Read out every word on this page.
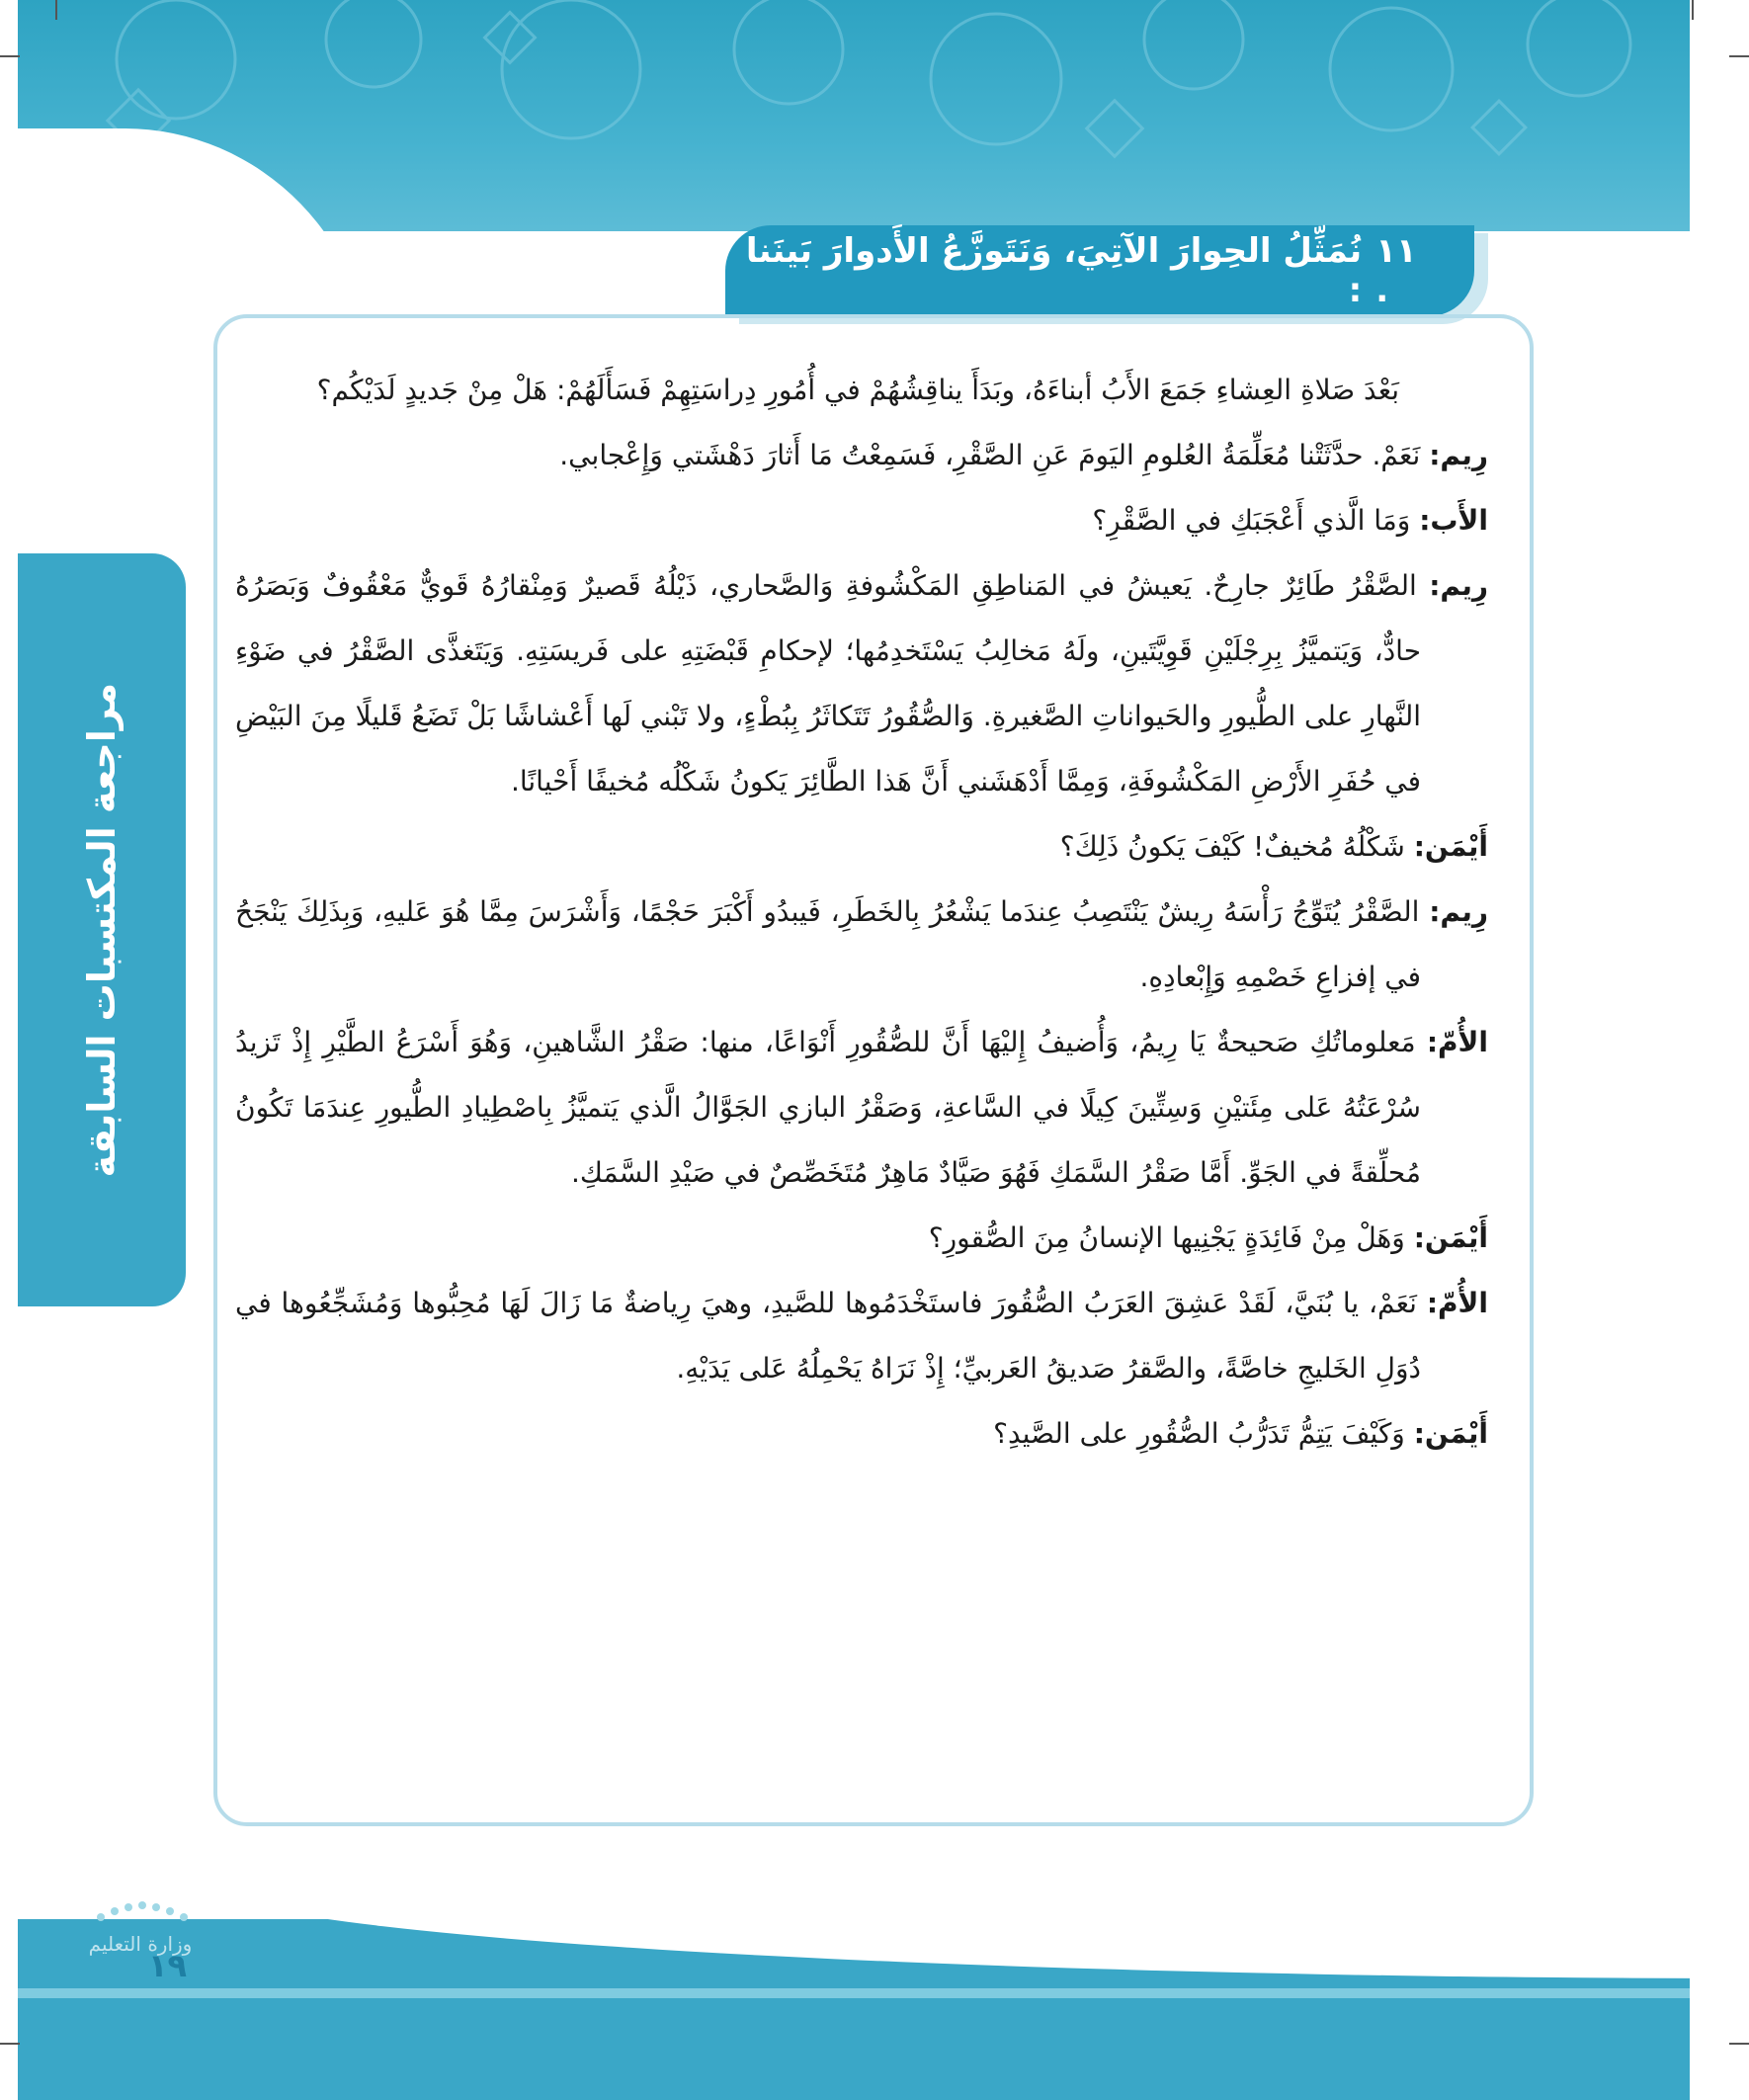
نُمَثِّلُ الحِوارَ الآتِيَ، وَنَتَوزَّعُ الأَدوارَ بَينَنا :
١١ .
مراجعة المكتسبات السابقة

بَعْدَ صَلاةِ العِشاءِ جَمَعَ الأَبُ أبناءَهُ، وبَدَأَ يناقِشُهُمْ في أُمُورِ دِراسَتِهِمْ فَسَأَلَهُمْ: هَلْ مِنْ جَديدٍ لَدَيْكُم؟

رِيم: نَعَمْ. حدَّثَتْنا مُعَلِّمَةُ العُلومِ اليَومَ عَنِ الصَّقْرِ، فَسَمِعْتُ مَا أَثارَ دَهْشَتي وَإِعْجابي.

الأَب: وَمَا الَّذي أَعْجَبَكِ في الصَّقْرِ؟

رِيم: الصَّقْرُ طَائِرٌ جارِحٌ. يَعيشُ في المَناطِقِ المَكْشُوفةِ وَالصَّحاري، ذَيْلُهُ قَصيرٌ وَمِنْقارُهُ قَويٌّ مَعْقُوفٌ وَبَصَرُهُ حادٌّ، وَيَتميَّزُ بِرِجْلَيْنِ قَوِيَّتَينِ، ولَهُ مَخالِبُ يَسْتَخدِمُها؛ لإحكامِ قَبْضَتِهِ على فَريسَتِهِ. وَيَتَغذَّى الصَّقْرُ في ضَوْءِ النَّهارِ على الطُّيورِ والحَيواناتِ الصَّغيرةِ. وَالصُّقُورُ تَتَكاثَرُ بِبُطْءٍ، ولا تَبْني لَها أَعْشاشًا بَلْ تَضَعُ قَليلًا مِنَ البَيْضِ في حُفَرِ الأَرْضِ المَكْشُوفَةِ، وَمِمَّا أَدْهَشَني أَنَّ هَذا الطَّائِرَ يَكونُ شَكْلُه مُخيفًا أَحْيانًا.

أَيْمَن: شَكْلُهُ مُخيفٌ! كَيْفَ يَكونُ ذَلِكَ؟

رِيم: الصَّقْرُ يُتَوِّجُ رَأْسَهُ رِيشٌ يَنْتَصِبُ عِندَما يَشْعُرُ بِالخَطَرِ، فَيبدُو أَكْبَرَ حَجْمًا، وَأَشْرَسَ مِمَّا هُوَ عَليهِ، وَبِذَلِكَ يَنْجَحُ في إفزاعِ خَصْمِهِ وَإِبْعادِهِ.

الأُمّ: مَعلوماتُكِ صَحيحةٌ يَا رِيمُ، وَأُضيفُ إِليْهَا أَنَّ للصُّقُورِ أَنْوَاعًا، منها: صَقْرُ الشَّاهينِ، وَهُوَ أَسْرَعُ الطَّيْرِ إِذْ تَزيدُ سُرْعَتُهُ عَلى مِئَتيْنِ وَسِتِّينَ كِيلًا في السَّاعةِ، وَصَقْرُ البازي الجَوَّالُ الَّذي يَتميَّزُ بِاصْطِيادِ الطُّيورِ عِندَمَا تَكُونُ مُحلِّقةً في الجَوِّ. أَمَّا صَقْرُ السَّمَكِ فَهُوَ صَيَّادٌ مَاهِرٌ مُتَخَصِّصٌ في صَيْدِ السَّمَكِ.

أَيْمَن: وَهَلْ مِنْ فَائِدَةٍ يَجْنِيها الإنسانُ مِنَ الصُّقورِ؟

الأُمّ: نَعَمْ، يا بُنَيَّ، لَقَدْ عَشِقَ العَرَبُ الصُّقُورَ فاستَخْدَمُوها للصَّيدِ، وهيَ رِياضةٌ مَا زَالَ لَهَا مُحِبُّوها وَمُشَجِّعُوها في دُوَلِ الخَليجِ خاصَّةً، والصَّقرُ صَديقُ العَربيِّ؛ إِذْ نَرَاهُ يَحْمِلُهُ عَلى يَدَيْهِ.

أَيْمَن: وَكَيْفَ يَتِمُّ تَدَرُّبُ الصُّقُورِ على الصَّيدِ؟

وزارة التعليم
١٩
